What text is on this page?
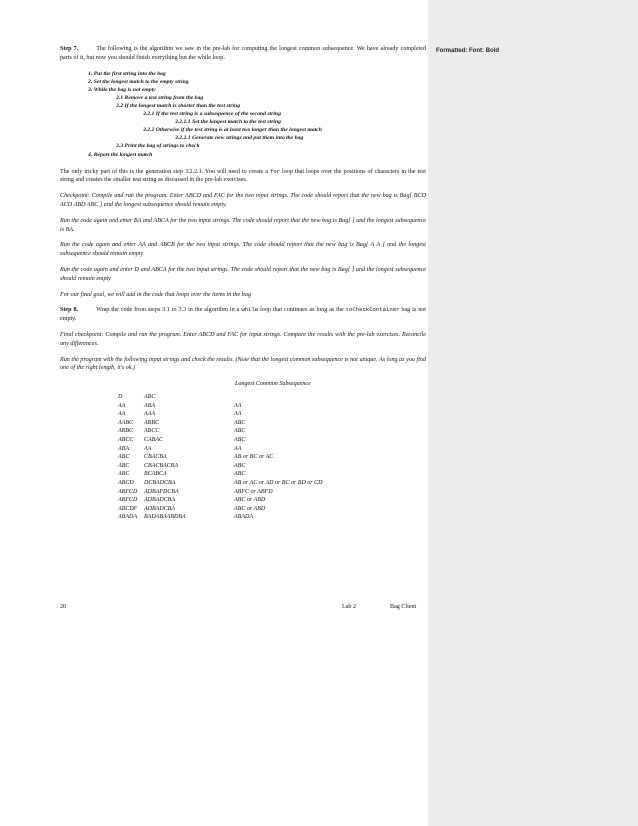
Formatted: Font: Bold

Step 7.	The following is the algorithm we saw in the pre-lab for computing the longest common subsequence. We have already completed parts of it, but now you should finish everything but the while loop.

1. Put the first string into the bag
2. Set the longest match to the empty string
3. While the bag is not empty
3.1 Remove a test string from the bag
3.2 If the longest match is shorter than the test string
3.2.1 If the test string is a subsequence of the second string
3.2.1.1 Set the longest match to the test string
3.2.2 Otherwise if the test string is at least two longer than the longest match
3.2.2.1 Generate new strings and put them into the bag
3.3 Print the bag of strings to check
4. Report the longest match

The only tricky part of this is the generation step 3.2.2.1. You will need to create a for loop that loops over the positions of characters in the test string and creates the smaller test string as discussed in the pre-lab exercises.

Checkpoint: Compile and run the program. Enter ABCD and FAC for the two input strings. The code should report that the new bag is Bag[ BCD ACD ABD ABC ] and the longest subsequence should remain empty.

Run the code again and enter BA and ABCA for the two input strings. The code should report that the new bag is Bag[ ] and the longest subsequence is BA.

Run the code again and enter AA and ABCB for the two input strings. The code should report that the new bag is Bag[ A A ] and the longest subsequence should remain empty

Run the code again and enter D and ABCA for the two input strings. The code should report that the new bag is Bag[ ] and the longest subsequence should remain empty

For our final goal, we will add in the code that loops over the items in the bag

Step 8.	Wrap the code from steps 3.1 to 3.3 in the algorithm in a while loop that continues as long as the toCheckContainer bag is not empty.

Final checkpoint: Compile and run the program. Enter ABCD and FAC for input strings. Compare the results with the pre-lab exercises. Reconcile any differences.

Run the program with the following input strings and check the results. (Note that the longest common subsequence is not unique. As long as you find one of the right length, it's ok.)

Longest Common Subsequence
D	ABC	
AA	ABA	AA
AA	AAA	AA
AABC	ABBC	ABC
ABBC	ABCC	ABC
ABCC	CABAC	ABC
ABA	AA	AA
ABC	CBACBA	AB or BC or AC
ABC	CBACBACBA	ABC
ABC	BCABCA	ABC
ABCD	DCBADCBA	AB or AC or AD or BC or BD or CD
ABFCD	ADBAFDCBA	ABFC or ABFD
ABFCD	ADBADCBA	ABC or ABD
ABCDF	ADBADCBA	ABC or ABD
ABADA	BADABAABDBA	ABADA
20	Lab 2	Bag Client
